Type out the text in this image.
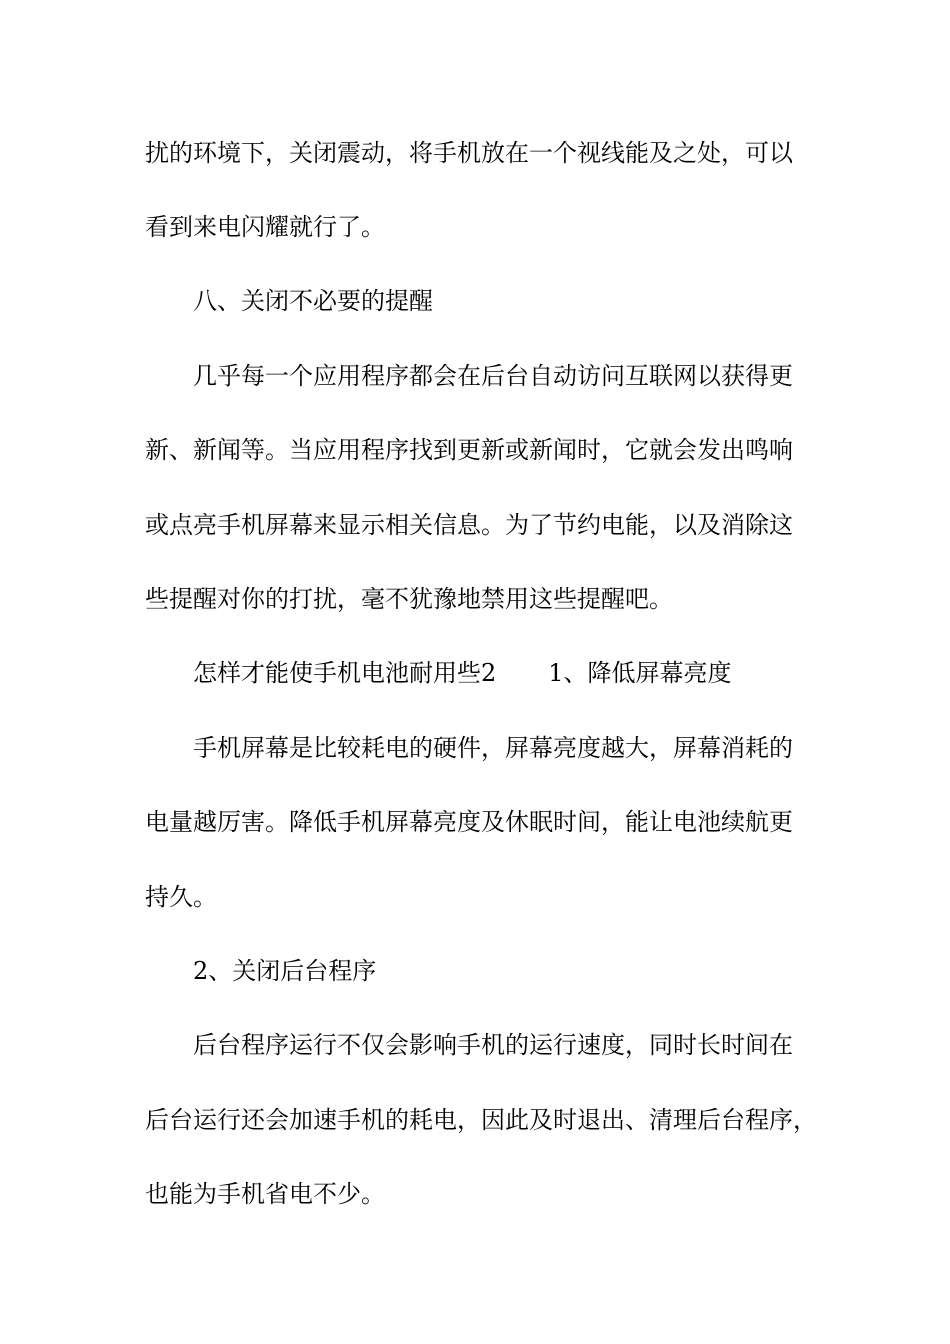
扰的环境下，关闭震动，将手机放在一个视线能及之处，可以
看到来电闪耀就行了。
八、关闭不必要的提醒
几乎每一个应用程序都会在后台自动访问互联网以获得更
新、新闻等。当应用程序找到更新或新闻时，它就会发出鸣响
或点亮手机屏幕来显示相关信息。为了节约电能，以及消除这
些提醒对你的打扰，毫不犹豫地禁用这些提醒吧。
怎样才能使手机电池耐用些2 1、降低屏幕亮度
手机屏幕是比较耗电的硬件，屏幕亮度越大，屏幕消耗的
电量越厉害。降低手机屏幕亮度及休眠时间，能让电池续航更
持久。
2、关闭后台程序
后台程序运行不仅会影响手机的运行速度，同时长时间在
后台运行还会加速手机的耗电，因此及时退出、清理后台程序，
也能为手机省电不少。
